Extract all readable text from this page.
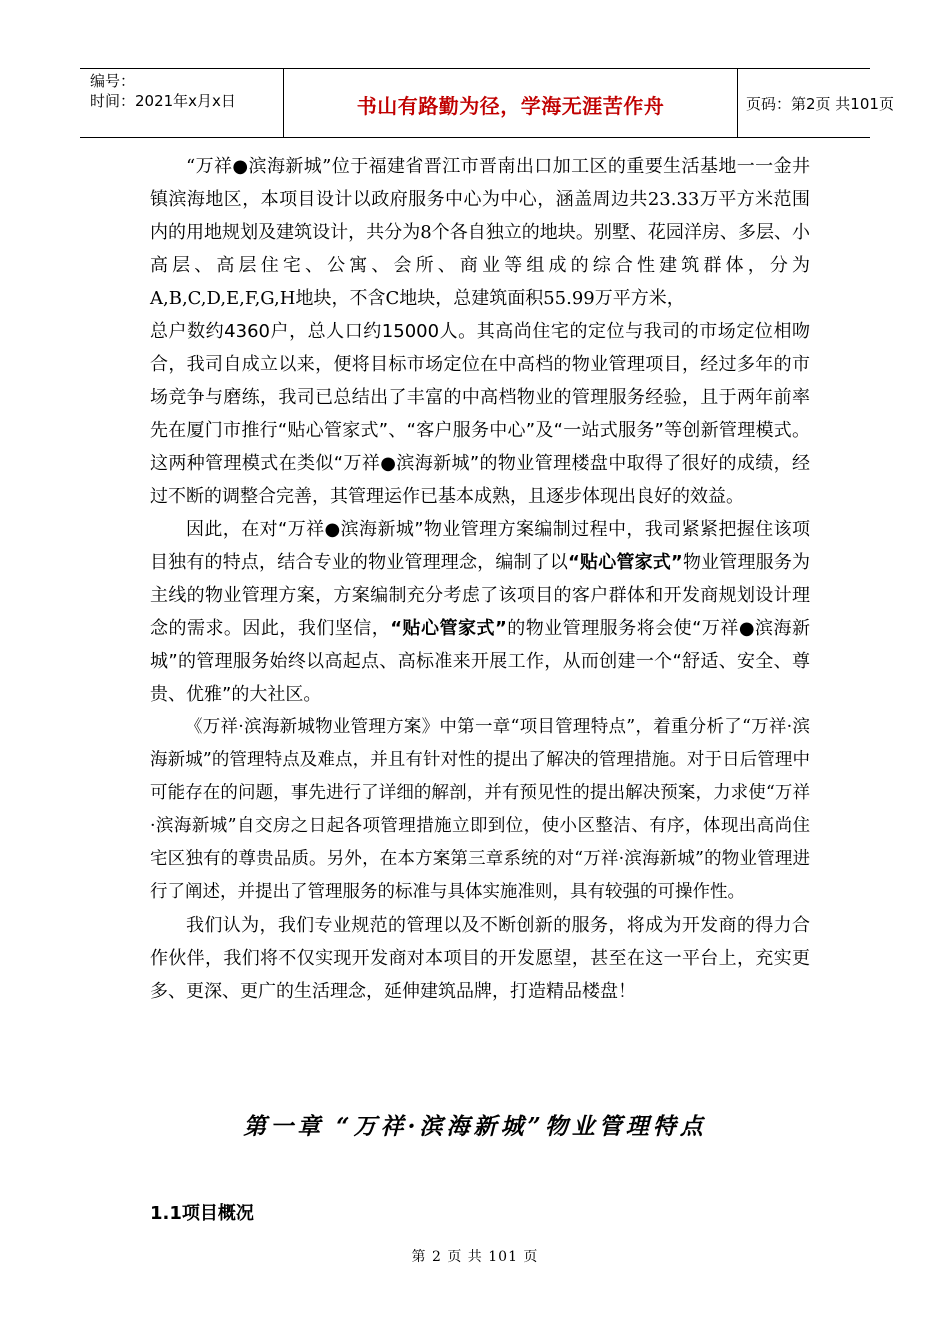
编号：
时间：2021年x月x日	书山有路勤为径，学海无涯苦作舟	页码：第2页 共101页

“万祥●滨海新城”位于福建省晋江市晋南出口加工区的重要生活基地一一金井镇滨海地区，本项目设计以政府服务中心为中心，涵盖周边共23.33万平方米范围内的用地规划及建筑设计，共分为8个各自独立的地块。别墅、花园洋房、多层、小高层、高层住宅、公寓、会所、商业等组成的综合性建筑群体，分为A,B,C,D,E,F,G,H地块，不含C地块，总建筑面积55.99万平方米，

总户数约4360户，总人口约15000人。其高尚住宅的定位与我司的市场定位相吻合，我司自成立以来，便将目标市场定位在中高档的物业管理项目，经过多年的市场竞争与磨练，我司已总结出了丰富的中高档物业的管理服务经验，且于两年前率先在厦门市推行“贴心管家式”、“客户服务中心”及“一站式服务”等创新管理模式。这两种管理模式在类似“万祥●滨海新城”的物业管理楼盘中取得了很好的成绩，经过不断的调整合完善，其管理运作已基本成熟，且逐步体现出良好的效益。

因此，在对“万祥●滨海新城”物业管理方案编制过程中，我司紧紧把握住该项目独有的特点，结合专业的物业管理理念，编制了以“贴心管家式”物业管理服务为主线的物业管理方案，方案编制充分考虑了该项目的客户群体和开发商规划设计理念的需求。因此，我们坚信，“贴心管家式”的物业管理服务将会使“万祥●滨海新城”的管理服务始终以高起点、高标准来开展工作，从而创建一个“舒适、安全、尊贵、优雅”的大社区。

《万祥·滨海新城物业管理方案》中第一章“项目管理特点”，着重分析了“万祥·滨海新城”的管理特点及难点，并且有针对性的提出了解决的管理措施。对于日后管理中可能存在的问题，事先进行了详细的解剖，并有预见性的提出解决预案，力求使“万祥·滨海新城”自交房之日起各项管理措施立即到位，使小区整洁、有序，体现出高尚住宅区独有的尊贵品质。另外，在本方案第三章系统的对“万祥·滨海新城”的物业管理进行了阐述，并提出了管理服务的标准与具体实施准则，具有较强的可操作性。

我们认为，我们专业规范的管理以及不断创新的服务，将成为开发商的得力合作伙伴，我们将不仅实现开发商对本项目的开发愿望，甚至在这一平台上，充实更多、更深、更广的生活理念，延伸建筑品牌，打造精品楼盘！

第一章 “万祥·滨海新城”物业管理特点
1.1项目概况
第 2 页 共 101 页
